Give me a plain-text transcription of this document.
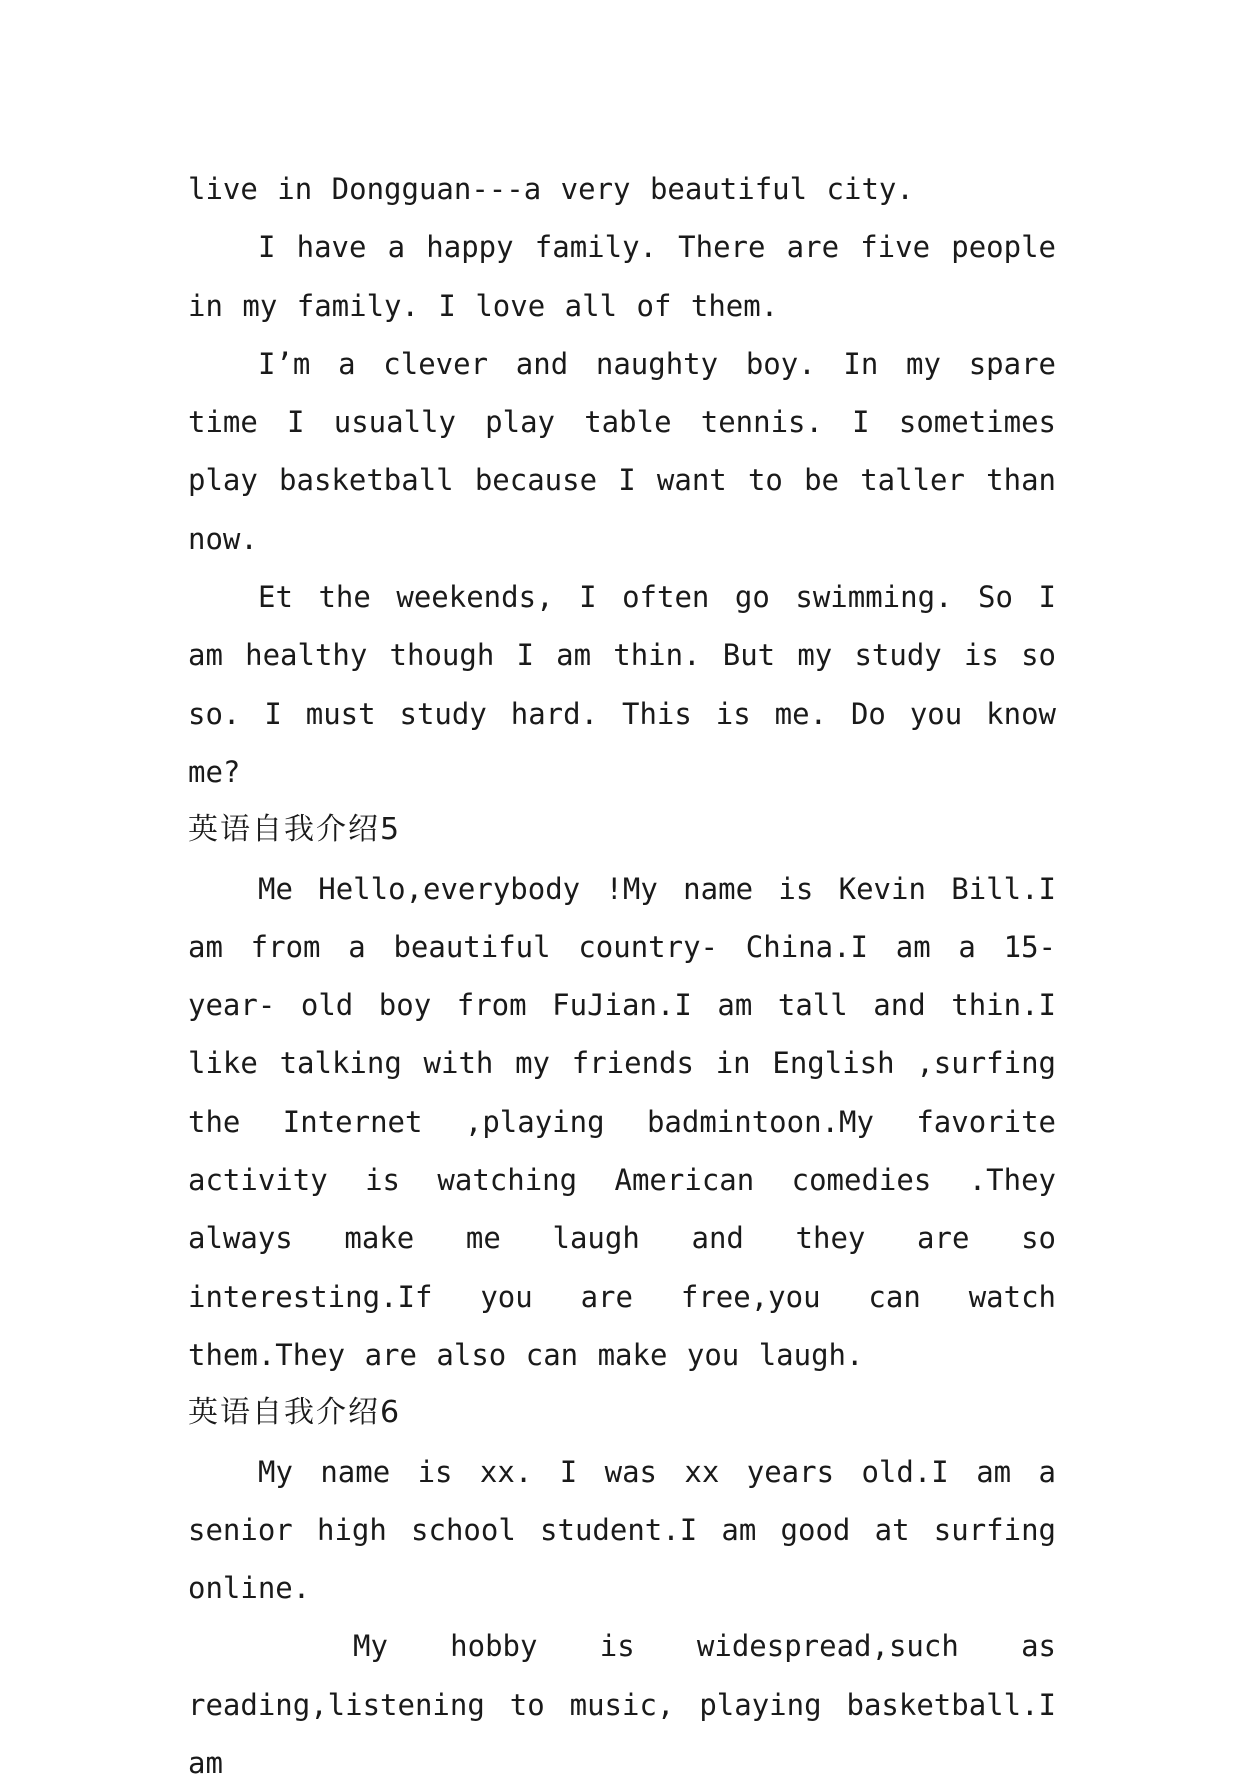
live in Dongguan---a very beautiful city.

I have a happy family. There are five people in my family. I love all of them.

I’m a clever and naughty boy. In my spare time I usually play table tennis. I sometimes play basketball because I want to be taller than now.

Et the weekends, I often go swimming. So I am healthy though I am thin. But my study is so so. I must study hard. This is me. Do you know me?

英语自我介绍5

Me Hello,everybody !My name is Kevin Bill.I am from a beautiful country- China.I am a 15-year- old boy from FuJian.I am tall and thin.I like talking with my friends in English ,surfing the Internet ,playing badmintoon.My favorite activity is watching American comedies .They always make me laugh and they are so interesting.If you are free,you can watch them.They are also can make you laugh.

英语自我介绍6

My name is xx. I was xx years old.I am a senior high school student.I am good at surfing online.

My hobby is widespread,such as reading,listening to music, playing basketball.I am
